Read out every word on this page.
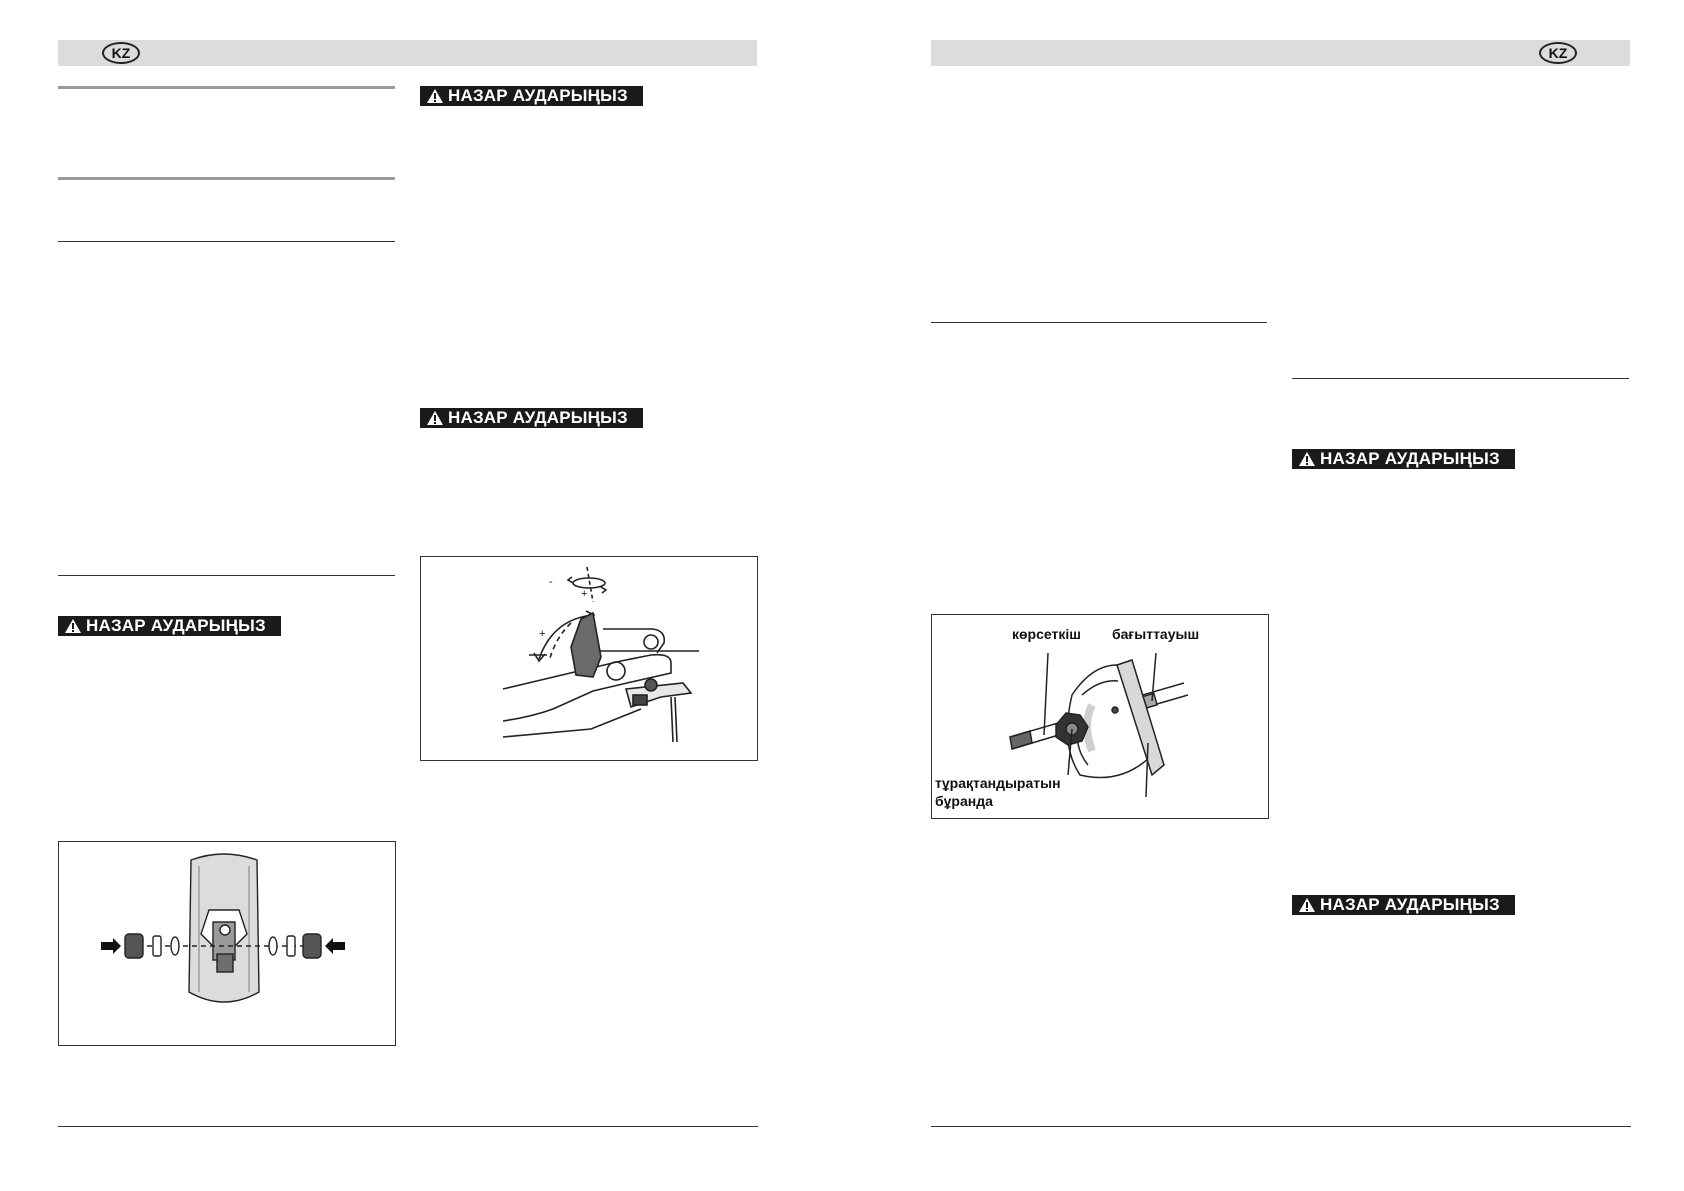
KZ
НАЗАР АУДАРЫҢЫЗ
НАЗАР АУДАРЫҢЫЗ
НАЗАР АУДАРЫҢЫЗ
-
+
+
KZ
НАЗАР АУДАРЫҢЫЗ
НАЗАР АУДАРЫҢЫЗ
көрсеткіш бағыттауыш
тұрақтандыратын
бұранда
